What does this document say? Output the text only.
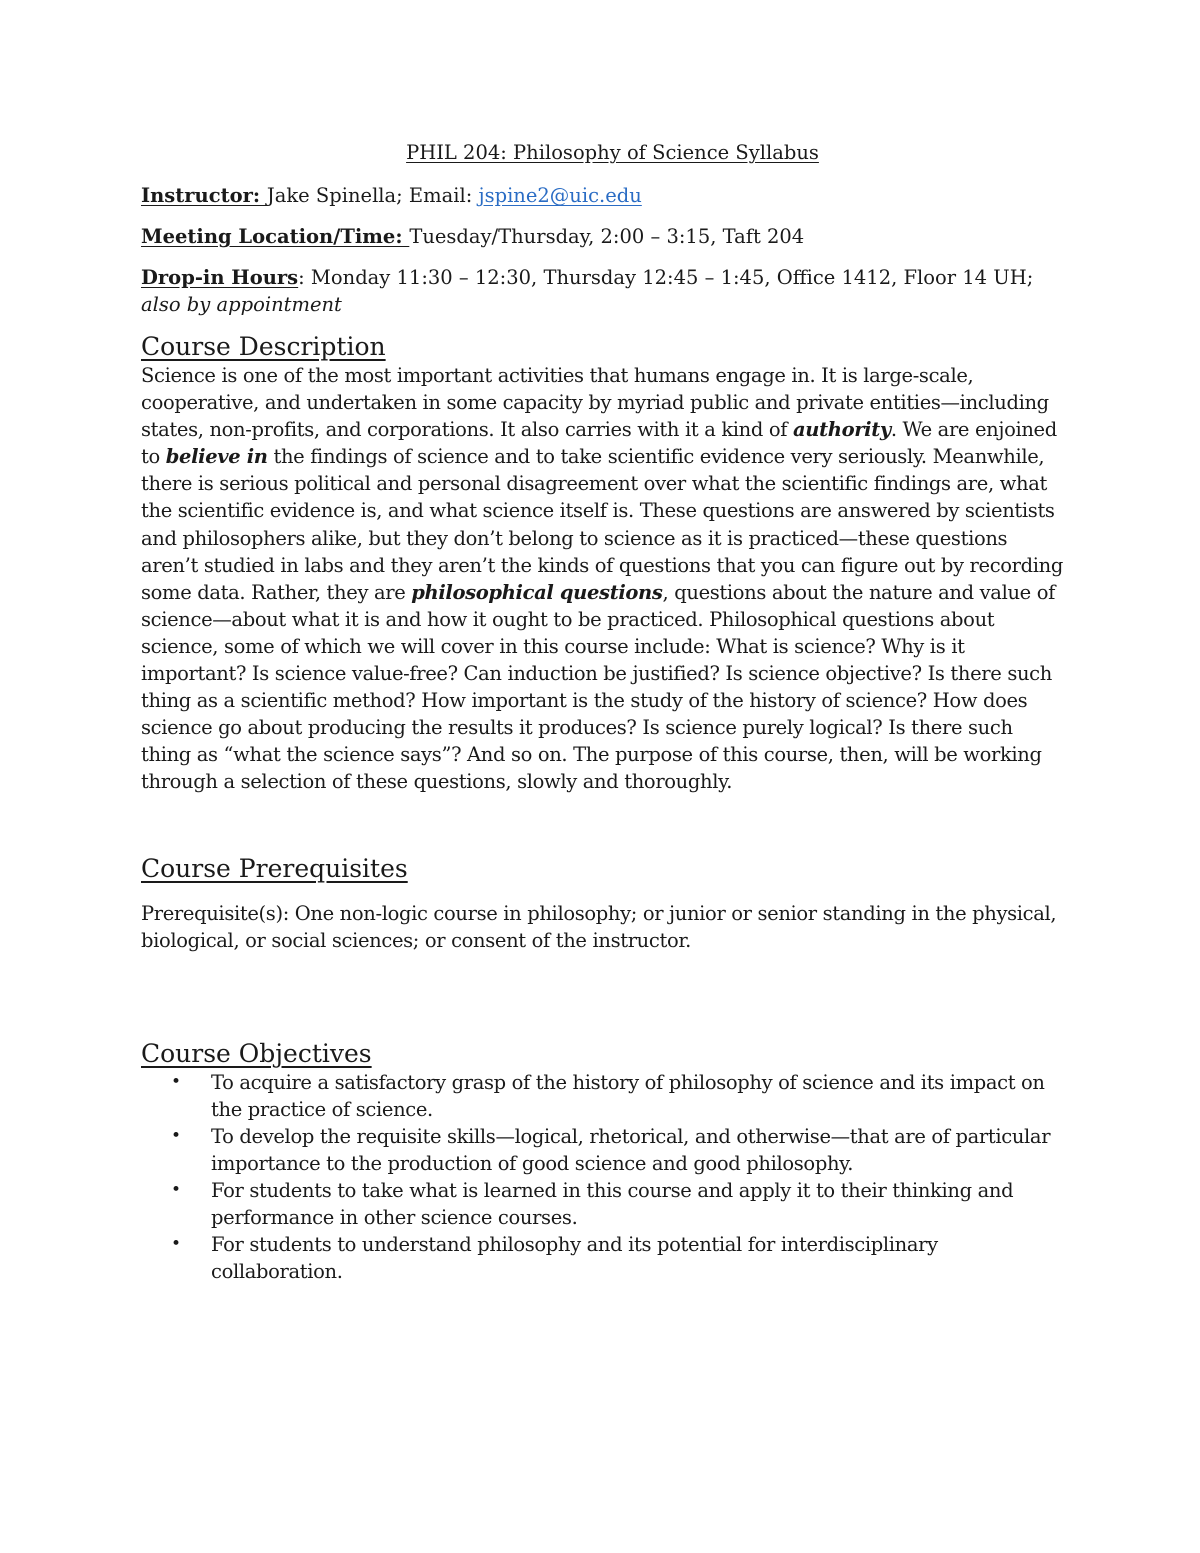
PHIL 204: Philosophy of Science Syllabus

Instructor: Jake Spinella; Email: jspine2@uic.edu

Meeting Location/Time: Tuesday/Thursday, 2:00 – 3:15, Taft 204

Drop-in Hours: Monday 11:30 – 12:30, Thursday 12:45 – 1:45, Office 1412, Floor 14 UH; also by appointment

Course Description

Science is one of the most important activities that humans engage in. It is large-scale, cooperative, and undertaken in some capacity by myriad public and private entities—including states, non-profits, and corporations. It also carries with it a kind of authority. We are enjoined to believe in the findings of science and to take scientific evidence very seriously. Meanwhile, there is serious political and personal disagreement over what the scientific findings are, what the scientific evidence is, and what science itself is. These questions are answered by scientists and philosophers alike, but they don’t belong to science as it is practiced—these questions aren’t studied in labs and they aren’t the kinds of questions that you can figure out by recording some data. Rather, they are philosophical questions, questions about the nature and value of science—about what it is and how it ought to be practiced. Philosophical questions about science, some of which we will cover in this course include: What is science? Why is it important? Is science value-free? Can induction be justified? Is science objective? Is there such thing as a scientific method? How important is the study of the history of science? How does science go about producing the results it produces? Is science purely logical? Is there such thing as “what the science says”? And so on. The purpose of this course, then, will be working through a selection of these questions, slowly and thoroughly.

Course Prerequisites

Prerequisite(s): One non-logic course in philosophy; or junior or senior standing in the physical, biological, or social sciences; or consent of the instructor.

Course Objectives
• To acquire a satisfactory grasp of the history of philosophy of science and its impact on the practice of science.
• To develop the requisite skills—logical, rhetorical, and otherwise—that are of particular importance to the production of good science and good philosophy.
• For students to take what is learned in this course and apply it to their thinking and performance in other science courses.
• For students to understand philosophy and its potential for interdisciplinary collaboration.
